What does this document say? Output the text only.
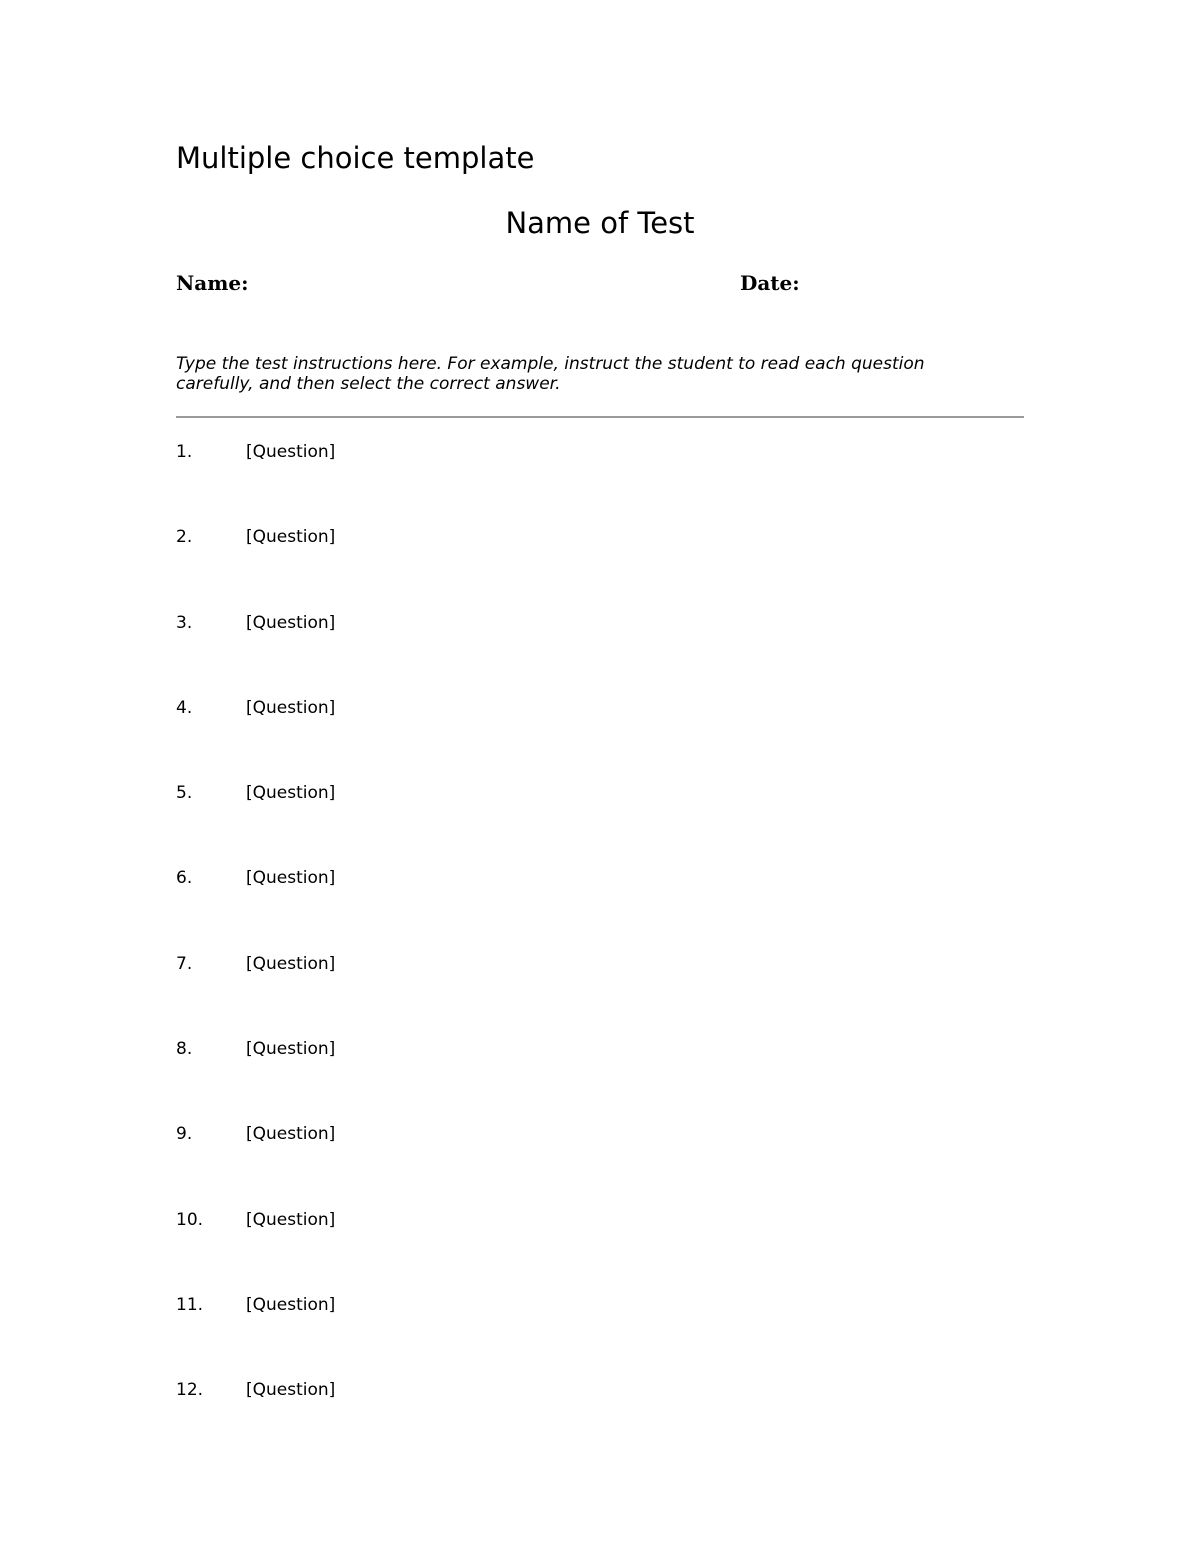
Multiple choice template
Name of Test
Name:	Date:
Type the test instructions here. For example, instruct the student to read each question
carefully, and then select the correct answer.
1.	[Question]
2.	[Question]
3.	[Question]
4.	[Question]
5.	[Question]
6.	[Question]
7.	[Question]
8.	[Question]
9.	[Question]
10.	[Question]
11.	[Question]
12.	[Question]
